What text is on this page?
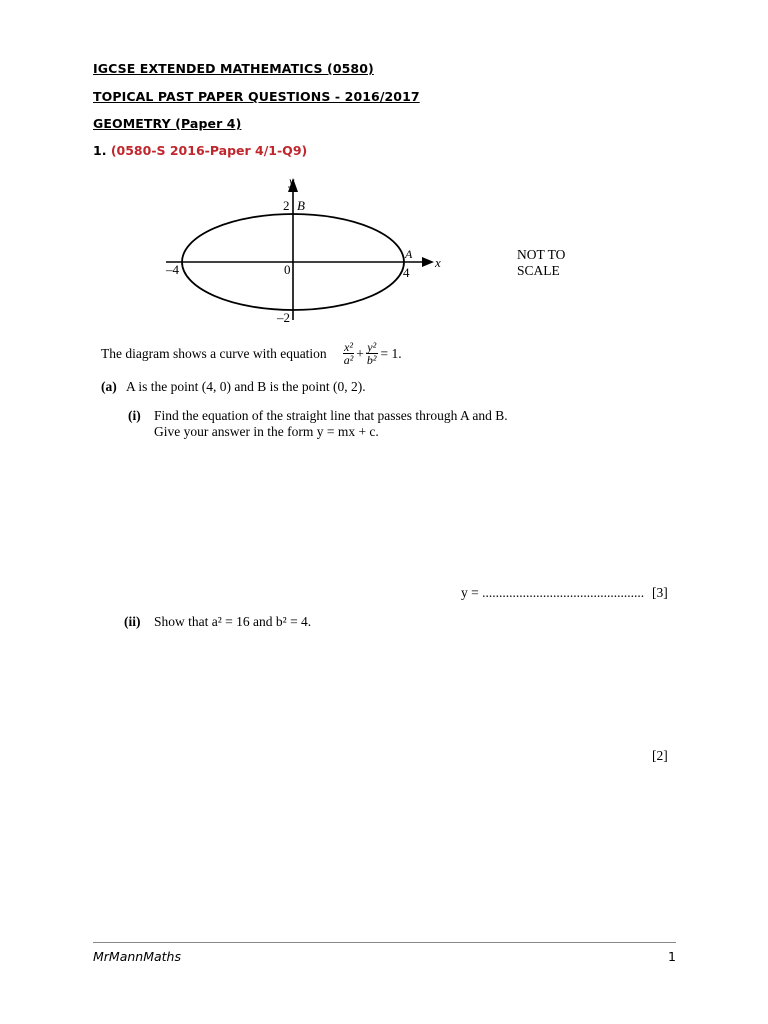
IGCSE EXTENDED MATHEMATICS (0580)
TOPICAL PAST PAPER QUESTIONS - 2016/2017
GEOMETRY (Paper 4)
1. (0580-S 2016-Paper 4/1-Q9)
y
x
2 B
–2
0
–4	4
A	NOT TO
SCALE
The diagram shows a curve with equation $\frac{\text{x²}}{\text{a²}} + \frac{\text{y²}}{\text{b²}} = 1$.
(a) A is the point (4, 0) and B is the point (0, 2).
(i) Find the equation of the straight line that passes through A and B.
Give your answer in the form y = mx + c.
y = ................................................ [3]
(ii) Show that a² = 16 and b² = 4.
[2]
MrMannMaths	1
